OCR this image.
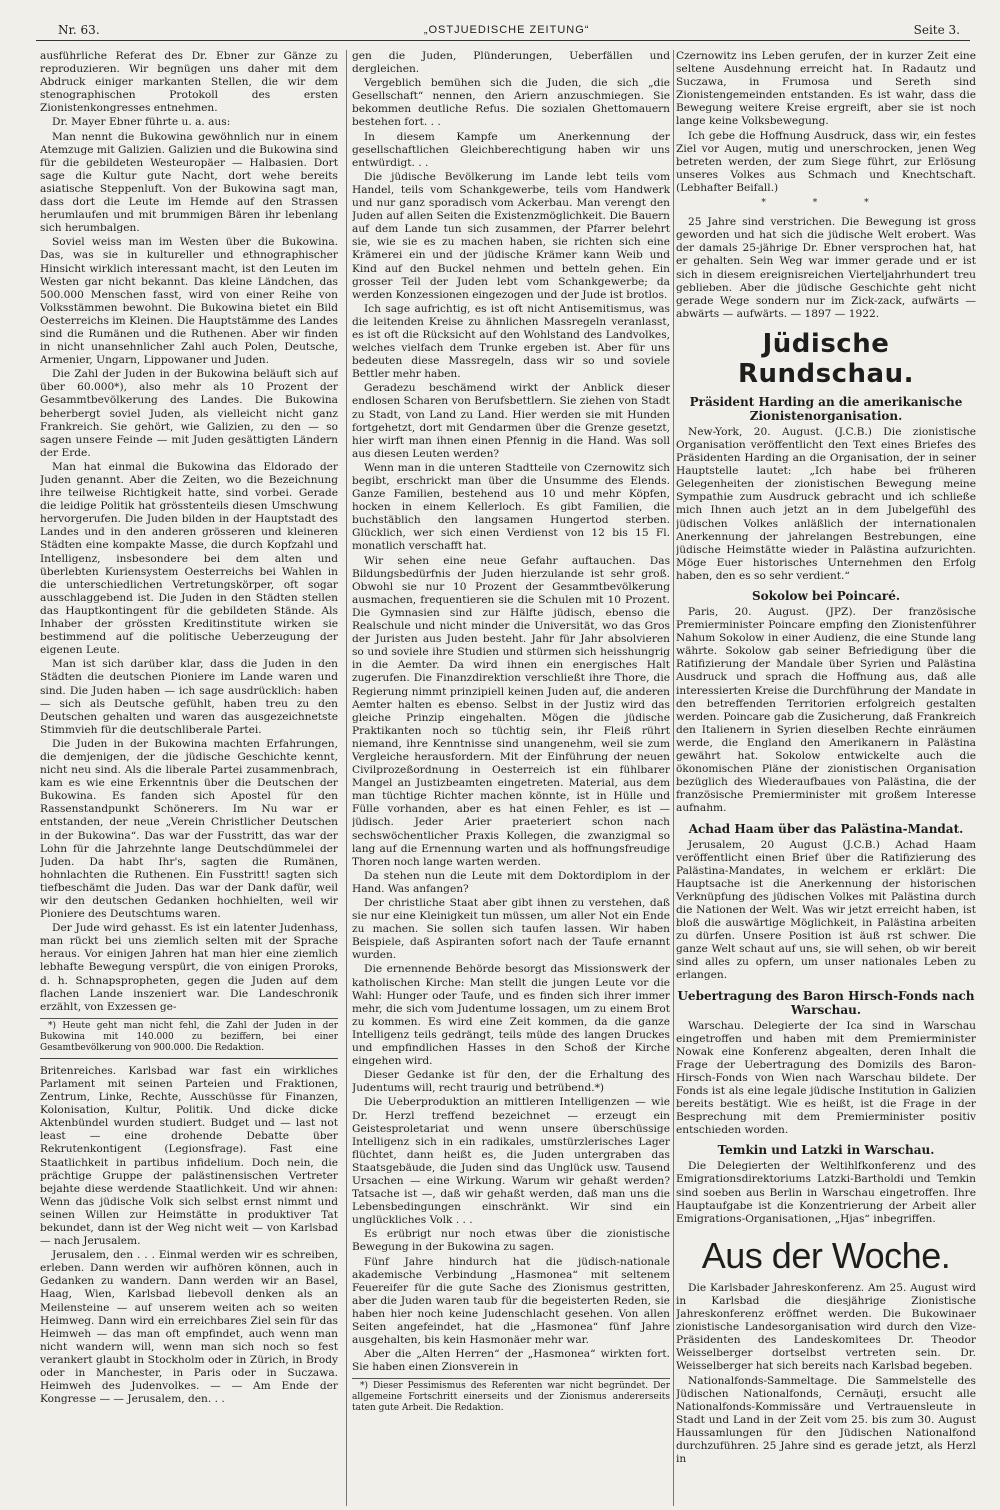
Nr. 63.	„OSTJUEDISCHE ZEITUNG“	Seite 3.

ausführliche Referat des Dr. Ebner zur Gänze zu reproduzieren. Wir begnügen uns daher mit dem Abdruck einiger markanten Stellen, die wir dem stenographischen Protokoll des ersten Zionistenkongresses entnehmen.

Dr. Mayer Ebner führte u. a. aus:

Man nennt die Bukowina gewöhnlich nur in einem Atemzuge mit Galizien. Galizien und die Bukowina sind für die gebildeten Westeuropäer — Halbasien. Dort sage die Kultur gute Nacht, dort wehe bereits asiatische Steppenluft. Von der Bukowina sagt man, dass dort die Leute im Hemde auf den Strassen herumlaufen und mit brummigen Bären ihr lebenlang sich herumbalgen.

Soviel weiss man im Westen über die Bukowina. Das, was sie in kultureller und ethnographischer Hinsicht wirklich interessant macht, ist den Leuten im Westen gar nicht bekannt. Das kleine Ländchen, das 500.000 Menschen fasst, wird von einer Reihe von Volksstämmen bewohnt. Die Bukowina bietet ein Bild Oesterreichs im Kleinen. Die Hauptstämme des Landes sind die Rumänen und die Ruthenen. Aber wir finden in nicht unansehnlicher Zahl auch Polen, Deutsche, Armenier, Ungarn, Lippowaner und Juden.

Die Zahl der Juden in der Bukowina beläuft sich auf über 60.000*), also mehr als 10 Prozent der Gesammtbevölkerung des Landes. Die Bukowina beherbergt soviel Juden, als vielleicht nicht ganz Frankreich. Sie gehört, wie Galizien, zu den — so sagen unsere Feinde — mit Juden gesättigten Ländern der Erde.

Man hat einmal die Bukowina das Eldorado der Juden genannt. Aber die Zeiten, wo die Bezeichnung ihre teilweise Richtigkeit hatte, sind vorbei. Gerade die leidige Politik hat grösstenteils diesen Umschwung hervorgerufen. Die Juden bilden in der Hauptstadt des Landes und in den anderen grösseren und kleineren Städten eine kompakte Masse, die durch Kopfzahl und Intelligenz, insbesondere bei dem alten und überlebten Kuriensystem Oesterreichs bei Wahlen in die unterschiedlichen Vertretungskörper, oft sogar ausschlaggebend ist. Die Juden in den Städten stellen das Hauptkontingent für die gebildeten Stände. Als Inhaber der grössten Kreditinstitute wirken sie bestimmend auf die politische Ueberzeugung der eigenen Leute.

Man ist sich darüber klar, dass die Juden in den Städten die deutschen Pioniere im Lande waren und sind. Die Juden haben — ich sage ausdrücklich: haben — sich als Deutsche gefühlt, haben treu zu den Deutschen gehalten und waren das ausgezeichnetste Stimmvieh für die deutschliberale Partei.

Die Juden in der Bukowina machten Erfahrungen, die demjenigen, der die jüdische Geschichte kennt, nicht neu sind. Als die liberale Partei zusammenbrach, kam es wie eine Erkenntnis über die Deutschen der Bukowina. Es fanden sich Apostel für den Rassenstandpunkt Schönerers. Im Nu war er entstanden, der neue „Verein Christlicher Deutschen in der Bukowina“. Das war der Fusstritt, das war der Lohn für die Jahrzehnte lange Deutschdümmelei der Juden. Da habt Ihr's, sagten die Rumänen, hohnlachten die Ruthenen. Ein Fusstritt! sagten sich tiefbeschämt die Juden. Das war der Dank dafür, weil wir den deutschen Gedanken hochhielten, weil wir Pioniere des Deutschtums waren.

Der Jude wird gehasst. Es ist ein latenter Judenhass, man rückt bei uns ziemlich selten mit der Sprache heraus. Vor einigen Jahren hat man hier eine ziemlich lebhafte Bewegung verspürt, die von einigen Proroks, d. h. Schnapspropheten, gegen die Juden auf dem flachen Lande inszeniert war. Die Landeschronik erzählt, von Exzessen ge-

*) Heute geht man nicht fehl, die Zahl der Juden in der Bukowina mit 140.000 zu beziffern, bei einer Gesamtbevölkerung von 900.000. Die Redaktion.

Britenreiches. Karlsbad war fast ein wirkliches Parlament mit seinen Parteien und Fraktionen, Zentrum, Linke, Rechte, Ausschüsse für Finanzen, Kolonisation, Kultur, Politik. Und dicke dicke Aktenbündel wurden studiert. Budget und — last not least — eine drohende Debatte über Rekrutenkontigent (Legionsfrage). Fast eine Staatlichkeit in partibus infidelium. Doch nein, die prächtige Gruppe der palästinensischen Vertreter bejahte diese werdende Staatlichkeit. Und wir ahnen: Wenn das jüdische Volk sich selbst ernst nimmt und seinen Willen zur Heimstätte in produktiver Tat bekundet, dann ist der Weg nicht weit — von Karlsbad — nach Jerusalem.

Jerusalem, den . . . Einmal werden wir es schreiben, erleben. Dann werden wir aufhören können, auch in Gedanken zu wandern. Dann werden wir an Basel, Haag, Wien, Karlsbad liebevoll denken als an Meilensteine — auf unserem weiten ach so weiten Heimweg. Dann wird ein erreichbares Ziel sein für das Heimweh — das man oft empfindet, auch wenn man nicht wandern will, wenn man sich noch so fest verankert glaubt in Stockholm oder in Zürich, in Brody oder in Manchester, in Paris oder in Suczawa. Heimweh des Judenvolkes. — — Am Ende der Kongresse — — Jerusalem, den. . .

gen die Juden, Plünderungen, Ueberfällen und dergleichen.

Vergeblich bemühen sich die Juden, die sich „die Gesellschaft“ nennen, den Ariern anzuschmiegen. Sie bekommen deutliche Refus. Die sozialen Ghettomauern bestehen fort. . .

In diesem Kampfe um Anerkennung der gesellschaftlichen Gleichberechtigung haben wir uns entwürdigt. . .

Die jüdische Bevölkerung im Lande lebt teils vom Handel, teils vom Schankgewerbe, teils vom Handwerk und nur ganz sporadisch vom Ackerbau. Man verengt den Juden auf allen Seiten die Existenzmöglichkeit. Die Bauern auf dem Lande tun sich zusammen, der Pfarrer belehrt sie, wie sie es zu machen haben, sie richten sich eine Krämerei ein und der jüdische Krämer kann Weib und Kind auf den Buckel nehmen und betteln gehen. Ein grosser Teil der Juden lebt vom Schankgewerbe; da werden Konzessionen eingezogen und der Jude ist brotlos.

Ich sage aufrichtig, es ist oft nicht Antisemitismus, was die leitenden Kreise zu ähnlichen Massregeln veranlasst, es ist oft die Rücksicht auf den Wohlstand des Landvolkes, welches vielfach dem Trunke ergeben ist. Aber für uns bedeuten diese Massregeln, dass wir so und soviele Bettler mehr haben.

Geradezu beschämend wirkt der Anblick dieser endlosen Scharen von Berufsbettlern. Sie ziehen von Stadt zu Stadt, von Land zu Land. Hier werden sie mit Hunden fortgehetzt, dort mit Gendarmen über die Grenze gesetzt, hier wirft man ihnen einen Pfennig in die Hand. Was soll aus diesen Leuten werden?

Wenn man in die unteren Stadtteile von Czernowitz sich begibt, erschrickt man über die Unsumme des Elends. Ganze Familien, bestehend aus 10 und mehr Köpfen, hocken in einem Kellerloch. Es gibt Familien, die buchstäblich den langsamen Hungertod sterben. Glücklich, wer sich einen Verdienst von 12 bis 15 Fl. monatlich verschafft hat.

Wir sehen eine neue Gefahr auftauchen. Das Bildungsbedürfnis der Juden hierzulande ist sehr groß. Obwohl sie nur 10 Prozent der Gesammtbevölkerung ausmachen, frequentieren sie die Schulen mit 10 Prozent. Die Gymnasien sind zur Hälfte jüdisch, ebenso die Realschule und nicht minder die Universität, wo das Gros der Juristen aus Juden besteht. Jahr für Jahr absolvieren so und soviele ihre Studien und stürmen sich heisshungrig in die Aemter. Da wird ihnen ein energisches Halt zugerufen. Die Finanzdirektion verschließt ihre Thore, die Regierung nimmt prinzipiell keinen Juden auf, die anderen Aemter halten es ebenso. Selbst in der Justiz wird das gleiche Prinzip eingehalten. Mögen die jüdische Praktikanten noch so tüchtig sein, ihr Fleiß rührt niemand, ihre Kenntnisse sind unangenehm, weil sie zum Vergleiche herausfordern. Mit der Einführung der neuen Civilprozeßordnung in Oesterreich ist ein fühlbarer Mangel an Justizbeamten eingetreten. Material, aus dem man tüchtige Richter machen könnte, ist in Hülle und Fülle vorhanden, aber es hat einen Fehler, es ist — jüdisch. Jeder Arier praeteriert schon nach sechswöchentlicher Praxis Kollegen, die zwanzigmal so lang auf die Ernennung warten und als hoffnungsfreudige Thoren noch lange warten werden.

Da stehen nun die Leute mit dem Doktordiplom in der Hand. Was anfangen?

Der christliche Staat aber gibt ihnen zu verstehen, daß sie nur eine Kleinigkeit tun müssen, um aller Not ein Ende zu machen. Sie sollen sich taufen lassen. Wir haben Beispiele, daß Aspiranten sofort nach der Taufe ernannt wurden.

Die ernennende Behörde besorgt das Missionswerk der katholischen Kirche: Man stellt die jungen Leute vor die Wahl: Hunger oder Taufe, und es finden sich ihrer immer mehr, die sich vom Judentume lossagen, um zu einem Brot zu kommen. Es wird eine Zeit kommen, da die ganze Intelligenz teils gedrängt, teils müde des langen Druckes und empfindlichen Hasses in den Schoß der Kirche eingehen wird.

Dieser Gedanke ist für den, der die Erhaltung des Judentums will, recht traurig und betrübend.*)

Die Ueberproduktion an mittleren Intelligenzen — wie Dr. Herzl treffend bezeichnet — erzeugt ein Geistesproletariat und wenn unsere überschüssige Intelligenz sich in ein radikales, umstürzlerisches Lager flüchtet, dann heißt es, die Juden untergraben das Staatsgebäude, die Juden sind das Unglück usw. Tausend Ursachen — eine Wirkung. Warum wir gehaßt werden? Tatsache ist —, daß wir gehaßt werden, daß man uns die Lebensbedingungen einschränkt. Wir sind ein unglückliches Volk . . .

Es erübrigt nur noch etwas über die zionistische Bewegung in der Bukowina zu sagen.

Fünf Jahre hindurch hat die jüdisch-nationale akademische Verbindung „Hasmonea“ mit seltenem Feuereifer für die gute Sache des Zionismus gestritten, aber die Juden waren taub für die begeisterten Reden, sie haben hier noch keine Judenschlacht gesehen. Von allen Seiten angefeindet, hat die „Hasmonea“ fünf Jahre ausgehalten, bis kein Hasmonäer mehr war.

Aber die „Alten Herren“ der „Hasmonea“ wirkten fort. Sie haben einen Zionsverein in

*) Dieser Pessimismus des Referenten war nicht begründet. Der allgemeine Fortschritt einerseits und der Zionismus andererseits taten gute Arbeit. Die Redaktion.

Czernowitz ins Leben gerufen, der in kurzer Zeit eine seltene Ausdehnung erreicht hat. In Radautz und Suczawa, in Frumosa und Sereth sind Zionistengemeinden entstanden. Es ist wahr, dass die Bewegung weitere Kreise ergreift, aber sie ist noch lange keine Volksbewegung.

Ich gebe die Hoffnung Ausdruck, dass wir, ein festes Ziel vor Augen, mutig und unerschrocken, jenen Weg betreten werden, der zum Siege führt, zur Erlösung unseres Volkes aus Schmach und Knechtschaft. (Lebhafter Beifall.)

* * *

25 Jahre sind verstrichen. Die Bewegung ist gross geworden und hat sich die jüdische Welt erobert. Was der damals 25-jährige Dr. Ebner versprochen hat, hat er gehalten. Sein Weg war immer gerade und er ist sich in diesem ereignisreichen Vierteljahrhundert treu geblieben. Aber die jüdische Geschichte geht nicht gerade Wege sondern nur im Zick-zack, aufwärts — abwärts — aufwärts. — 1897 — 1922.

Jüdische Rundschau.
Präsident Harding an die amerikanische Zionistenorganisation.

New-York, 20. August. (J.C.B.) Die zionistische Organisation veröffentlicht den Text eines Briefes des Präsidenten Harding an die Organisation, der in seiner Hauptstelle lautet: „Ich habe bei früheren Gelegenheiten der zionistischen Bewegung meine Sympathie zum Ausdruck gebracht und ich schließe mich Ihnen auch jetzt an in dem Jubelgefühl des jüdischen Volkes anläßlich der internationalen Anerkennung der jahrelangen Bestrebungen, eine jüdische Heimstätte wieder in Palästina aufzurichten. Möge Euer historisches Unternehmen den Erfolg haben, den es so sehr verdient.“

Sokolow bei Poincaré.

Paris, 20. August. (JPZ). Der französische Premierminister Poincare empfing den Zionistenführer Nahum Sokolow in einer Audienz, die eine Stunde lang währte. Sokolow gab seiner Befriedigung über die Ratifizierung der Mandale über Syrien und Palästina Ausdruck und sprach die Hoffnung aus, daß alle interessierten Kreise die Durchführung der Mandate in den betreffenden Territorien erfolgreich gestalten werden. Poincare gab die Zusicherung, daß Frankreich den Italienern in Syrien dieselben Rechte einräumen werde, die England den Amerikanern in Palästina gewährt hat. Sokolow entwickelte auch die ökonomischen Pläne der zionistischen Organisation bezüglich des Wiederaufbaues von Palästina, die der französische Premierminister mit großem Interesse aufnahm.

Achad Haam über das Palästina-Mandat.

Jerusalem, 20 August (J.C.B.) Achad Haam veröffentlicht einen Brief über die Ratifizierung des Palästina-Mandates, in welchem er erklärt: Die Hauptsache ist die Anerkennung der historischen Verknüpfung des jüdischen Volkes mit Palästina durch die Nationen der Welt. Was wir jetzt erreicht haben, ist bloß die auswärtige Möglichkeit, in Palästina arbeiten zu dürfen. Unsere Position ist äuß rst schwer. Die ganze Welt schaut auf uns, sie will sehen, ob wir bereit sind alles zu opfern, um unser nationales Leben zu erlangen.

Uebertragung des Baron Hirsch-Fonds nach Warschau.

Warschau. Delegierte der Ica sind in Warschau eingetroffen und haben mit dem Premierminister Nowak eine Konferenz abgealten, deren Inhalt die Frage der Uebertragung des Domizils des Baron-Hirsch-Fonds von Wien nach Warschau bildete. Der Fonds ist als eine legale jüdische Institution in Galizien bereits bestätigt. Wie es heißt, ist die Frage in der Besprechung mit dem Premierminister positiv entschieden worden.

Temkin und Latzki in Warschau.

Die Delegierten der Weltihlfkonferenz und des Emigrationsdirektoriums Latzki-Bartholdi und Temkin sind soeben aus Berlin in Warschau eingetroffen. Ihre Hauptaufgabe ist die Konzentrierung der Arbeit aller Emigrations-Organisationen, „Hjas“ inbegriffen.

Aus der Woche.

Die Karlsbader Jahreskonferenz. Am 25. August wird in Karlsbad die diesjährige Zionistische Jahreskonferenz eröffnet werden. Die Bukowinaer zionistische Landesorganisation wird durch den Vize-Präsidenten des Landeskomitees Dr. Theodor Weisselberger dortselbst vertreten sein. Dr. Weisselberger hat sich bereits nach Karlsbad begeben.

Nationalfonds-Sammeltage. Die Sammelstelle des Jüdischen Nationalfonds, Cernăuţi, ersucht alle Nationalfonds-Kommissäre und Vertrauensleute in Stadt und Land in der Zeit vom 25. bis zum 30. August Haussamlungen für den Jüdischen Nationalfond durchzuführen. 25 Jahre sind es gerade jetzt, als Herzl in
